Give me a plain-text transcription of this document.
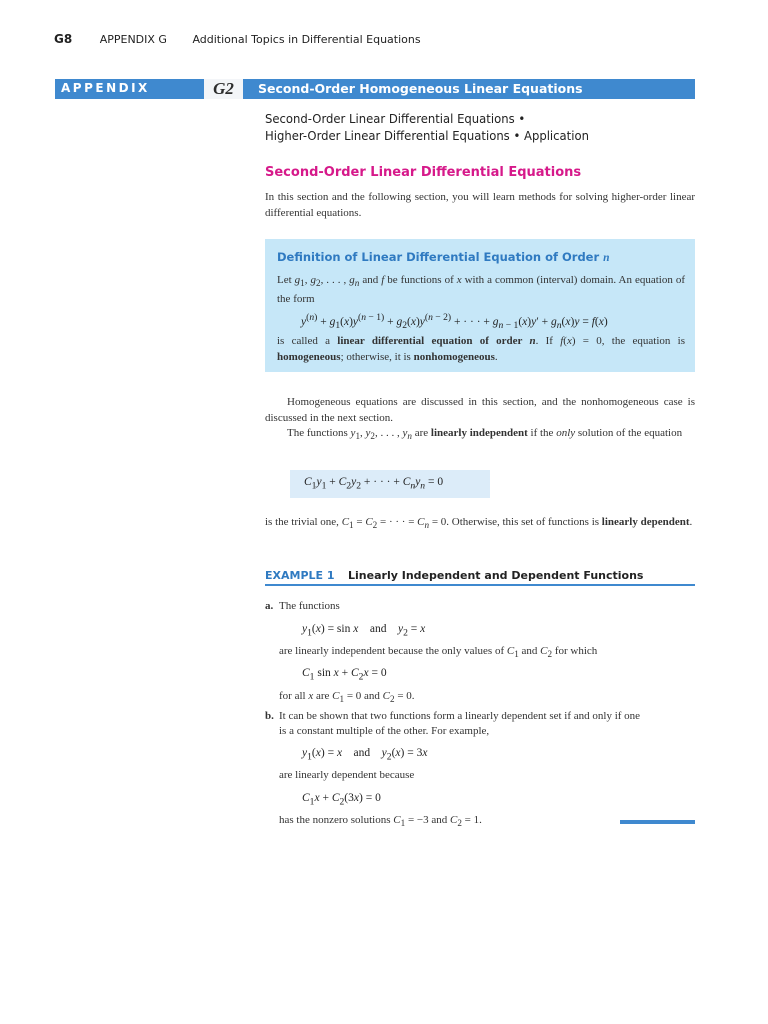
G8	APPENDIX G Additional Topics in Differential Equations
APPENDIX	G2	Second-Order Homogeneous Linear Equations
Second-Order Linear Differential Equations •
Higher-Order Linear Differential Equations • Application
Second-Order Linear Differential Equations
In this section and the following section, you will learn methods for solving higher-order linear differential equations.
Definition of Linear Differential Equation of Order n
Let $g_1$, $g_2$, . . . , $g_n$ and f be functions of x with a common (interval) domain. An equation of the form
$y^{(n)} + g_1(x)y^{(n - 1)} + g_2(x)y^{(n - 2)}$ + · · · + $g_{n - 1}(x)y' + g_n(x)y = f(x)$
is called a linear differential equation of order n. If f(x) = 0, the equation is homogeneous; otherwise, it is nonhomogeneous.
Homogeneous equations are discussed in this section, and the nonhomogeneous case is discussed in the next section.
The functions $y_1$, $y_2$, . . . , $y_n$ are linearly independent if the only solution of the equation
$C_1y_1 + C_2y_2$ + · · · + $C_ny_n = 0$
is the trivial one, $C_1 = C_2$ = · · · = $C_n = 0$. Otherwise, this set of functions is linearly dependent.
EXAMPLE 1 Linearly Independent and Dependent Functions
a. The functions
$y_1(x) = \sin x$    and    $y_2 = x$
are linearly independent because the only values of $C_1$ and $C_2$ for which
$C_1$ $\sin x + C_2x = 0$
for all x are $C_1 = 0$ and $C_2 = 0$.
b. It can be shown that two functions form a linearly dependent set if and only if one
is a constant multiple of the other. For example,
$y_1(x) = x$    and    $y_2(x) = 3x$
are linearly dependent because
$C_1x + C_2(3x) = 0$
has the nonzero solutions $C_1 = -3$ and $C_2 = 1$.
